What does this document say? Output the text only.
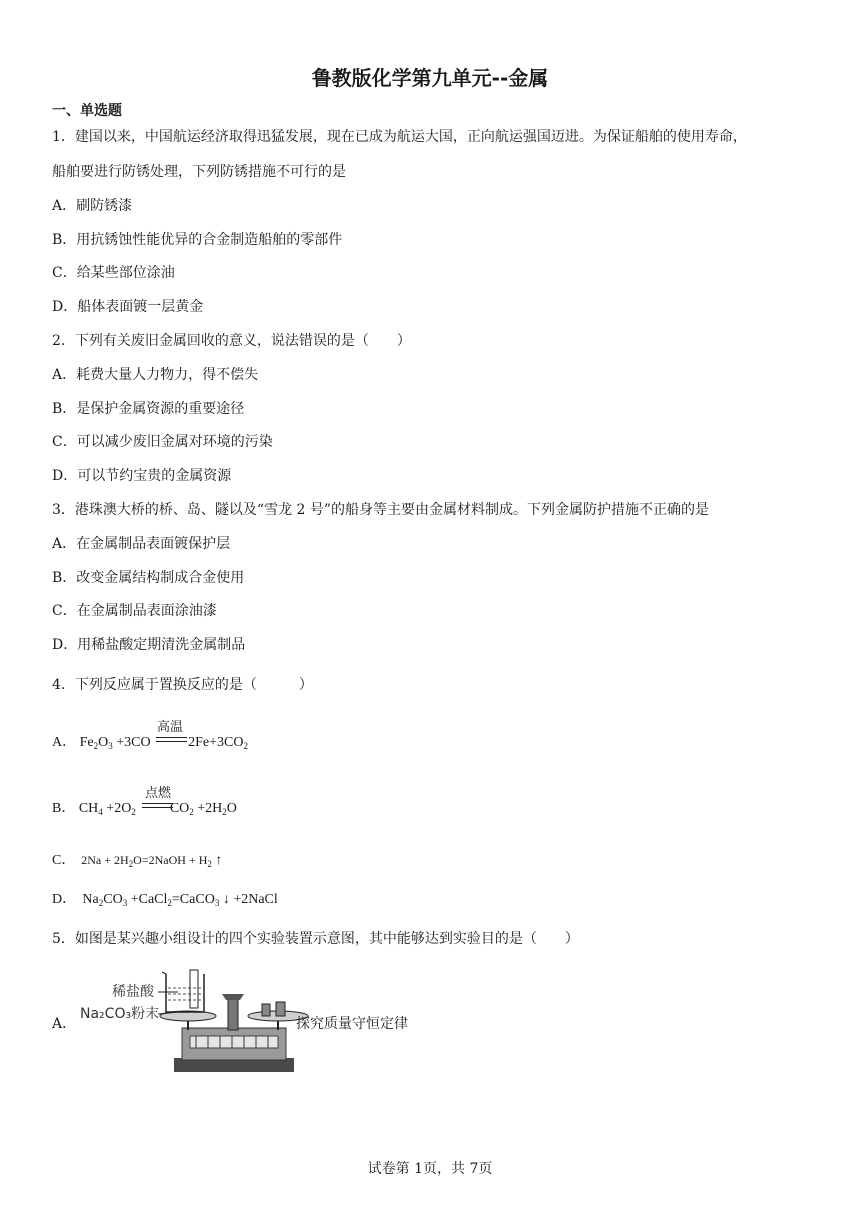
鲁教版化学第九单元--金属
一、单选题
1．建国以来，中国航运经济取得迅猛发展，现在已成为航运大国，正向航运强国迈进。为保证船舶的使用寿命，
船舶要进行防锈处理，下列防锈措施不可行的是
A．刷防锈漆
B．用抗锈蚀性能优异的合金制造船舶的零部件
C．给某些部位涂油
D．船体表面镀一层黄金
2．下列有关废旧金属回收的意义，说法错误的是（　　）
A．耗费大量人力物力，得不偿失
B．是保护金属资源的重要途径
C．可以减少废旧金属对环境的污染
D．可以节约宝贵的金属资源
3．港珠澳大桥的桥、岛、隧以及“雪龙 2 号”的船身等主要由金属材料制成。下列金属防护措施不正确的是
A．在金属制品表面镀保护层
B．改变金属结构制成合金使用
C．在金属制品表面涂油漆
D．用稀盐酸定期清洗金属制品
4．下列反应属于置换反应的是（　　　）
A． $Fe_2O_3 +3CO$ $2Fe+3CO_2$
高温
B． $CH_4 +2O_2$ $CO_2 +2H_2O$
点燃
C．  $2Na + 2H_2O=2NaOH + H_2$ ↑
D．  $Na_2CO_3$ +CaCl$_2$=CaCO$_3$ ↓ +2NaCl
5．如图是某兴趣小组设计的四个实验装置示意图，其中能够达到实验目的是（　　）
A．
稀盐酸
Na₂CO₃粉末
探究质量守恒定律
试卷第 1页，共 7页
